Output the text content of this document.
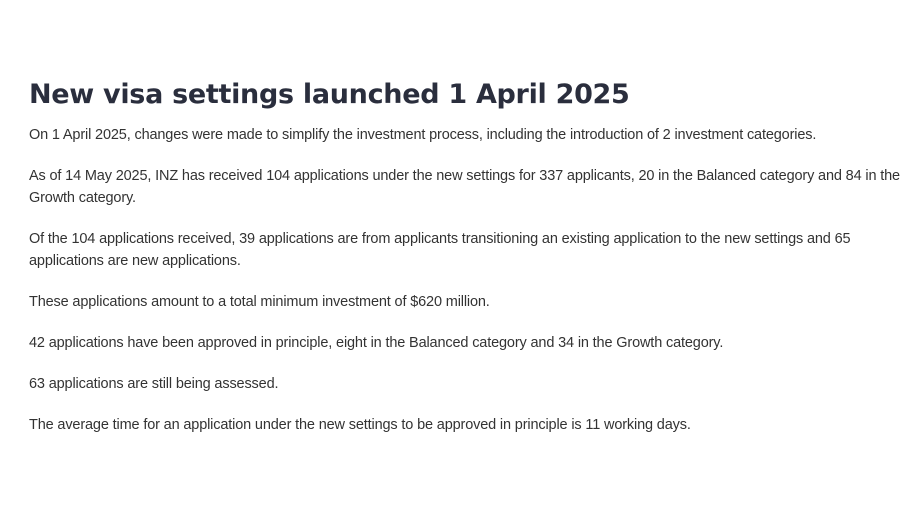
New visa settings launched 1 April 2025

On 1 April 2025, changes were made to simplify the investment process, including the introduction of 2 investment categories.

As of 14 May 2025, INZ has received 104 applications under the new settings for 337 applicants, 20 in the Balanced category and 84 in the Growth category.

Of the 104 applications received, 39 applications are from applicants transitioning an existing application to the new settings and 65 applications are new applications.

These applications amount to a total minimum investment of $620 million.

42 applications have been approved in principle, eight in the Balanced category and 34 in the Growth category.

63 applications are still being assessed.

The average time for an application under the new settings to be approved in principle is 11 working days.
